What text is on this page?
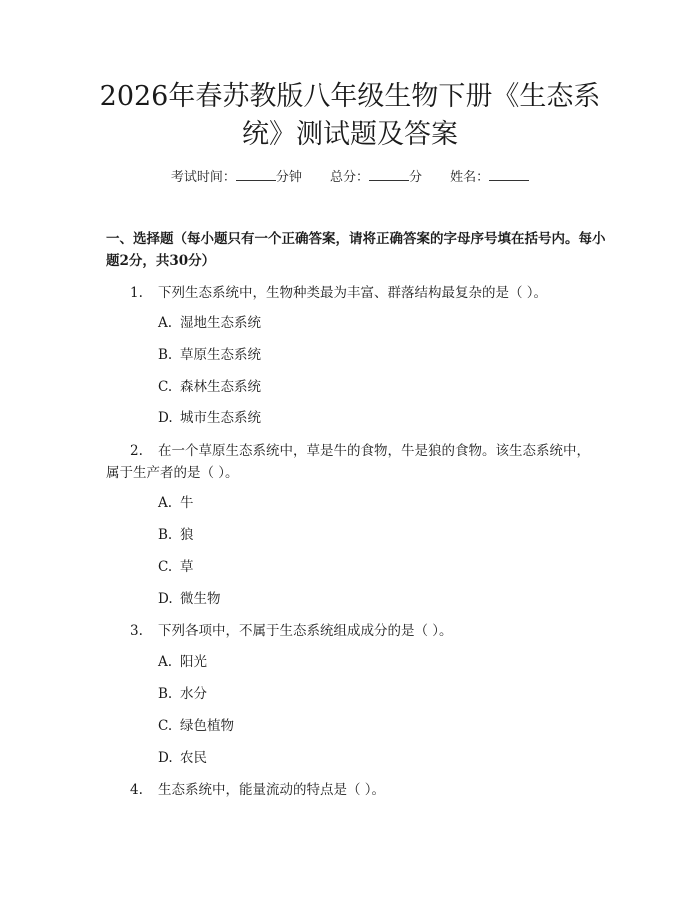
2026年春苏教版八年级生物下册《生态系
统》测试题及答案
考试时间：	分钟 总分：	分 姓名：
一、选择题（每小题只有一个正确答案，请将正确答案的字母序号填在括号内。每小题2分，共30分）
1. 下列生态系统中，生物种类最为丰富、群落结构最复杂的是（ ）。
A. 湿地生态系统
B. 草原生态系统
C. 森林生态系统
D. 城市生态系统
2. 在一个草原生态系统中，草是牛的食物，牛是狼的食物。该生态系统中，属于生产者的是（ ）。
A. 牛
B. 狼
C. 草
D. 微生物
3. 下列各项中，不属于生态系统组成成分的是（ ）。
A. 阳光
B. 水分
C. 绿色植物
D. 农民
4. 生态系统中，能量流动的特点是（ ）。
